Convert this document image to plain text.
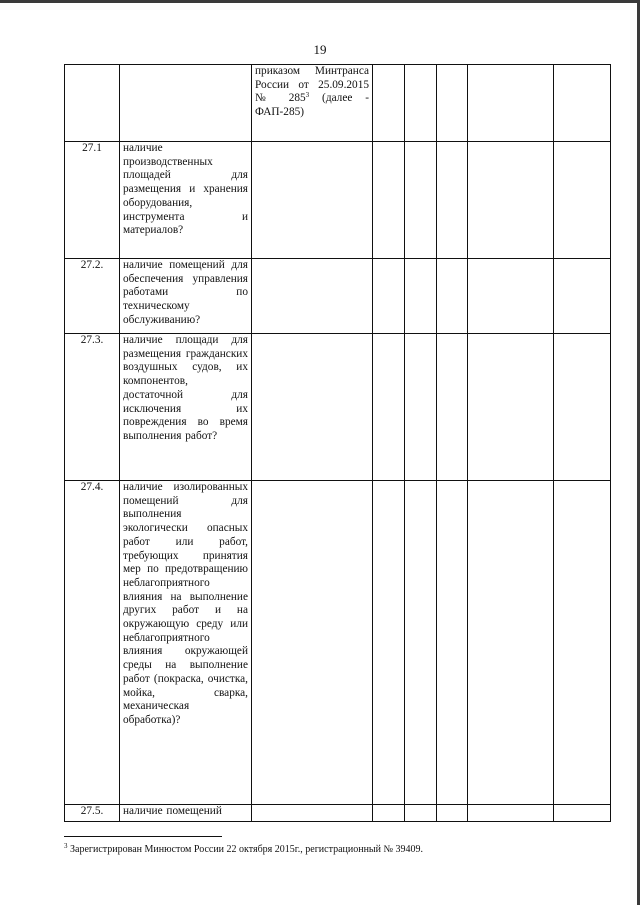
19
		приказом Минтранса России от 25.09.2015 № $285^3$ (далее - ФАП-285)					
27.1	наличие производственных площадей для размещения и хранения оборудования, инструмента и материалов?						
27.2.	наличие помещений для обеспечения управления работами по техническому обслуживанию?						
27.3.	наличие площади для размещения гражданских воздушных судов, их компонентов, достаточной для исключения их повреждения во время выполнения работ?						
27.4.	наличие изолированных помещений для выполнения экологически опасных работ или работ, требующих принятия мер по предотвращению неблагоприятного влияния на выполнение других работ и на окружающую среду или неблагоприятного влияния окружающей среды на выполнение работ (покраска, очистка, мойка, сварка, механическая обработка)?						
27.5.	наличие помещений						
$^3$ Зарегистрирован Минюстом России 22 октября 2015г., регистрационный № 39409.
